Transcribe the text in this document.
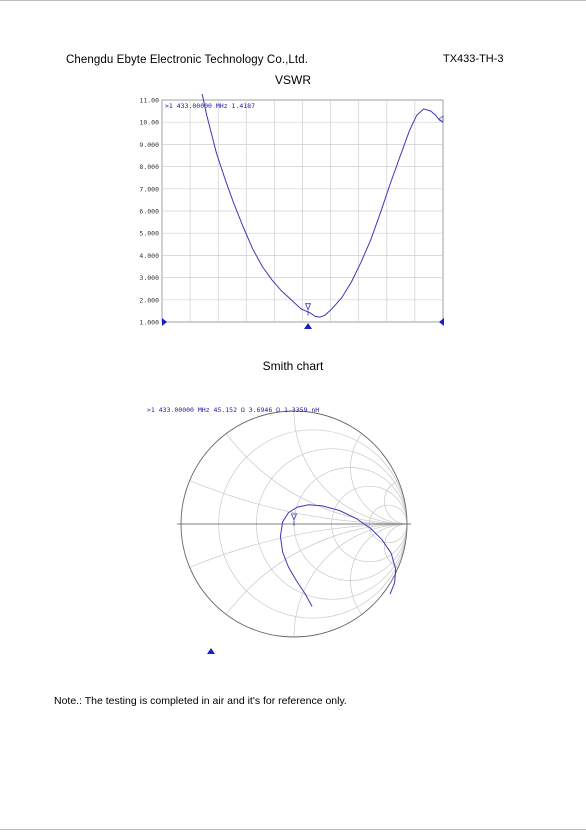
Chengdu Ebyte Electronic Technology Co.,Ltd.	TX433-TH-3
VSWR
11.00
10.00
9.000
8.000
7.000
6.000
5.000
4.000
3.000
2.000
1.000
>1 433.00000 MHz 1.4187
Smith chart
>1 433.00000 MHz 45.152 Ω 3.6946 Ω 1.3359 nH
Note.: The testing is completed in air and it's for reference only.
